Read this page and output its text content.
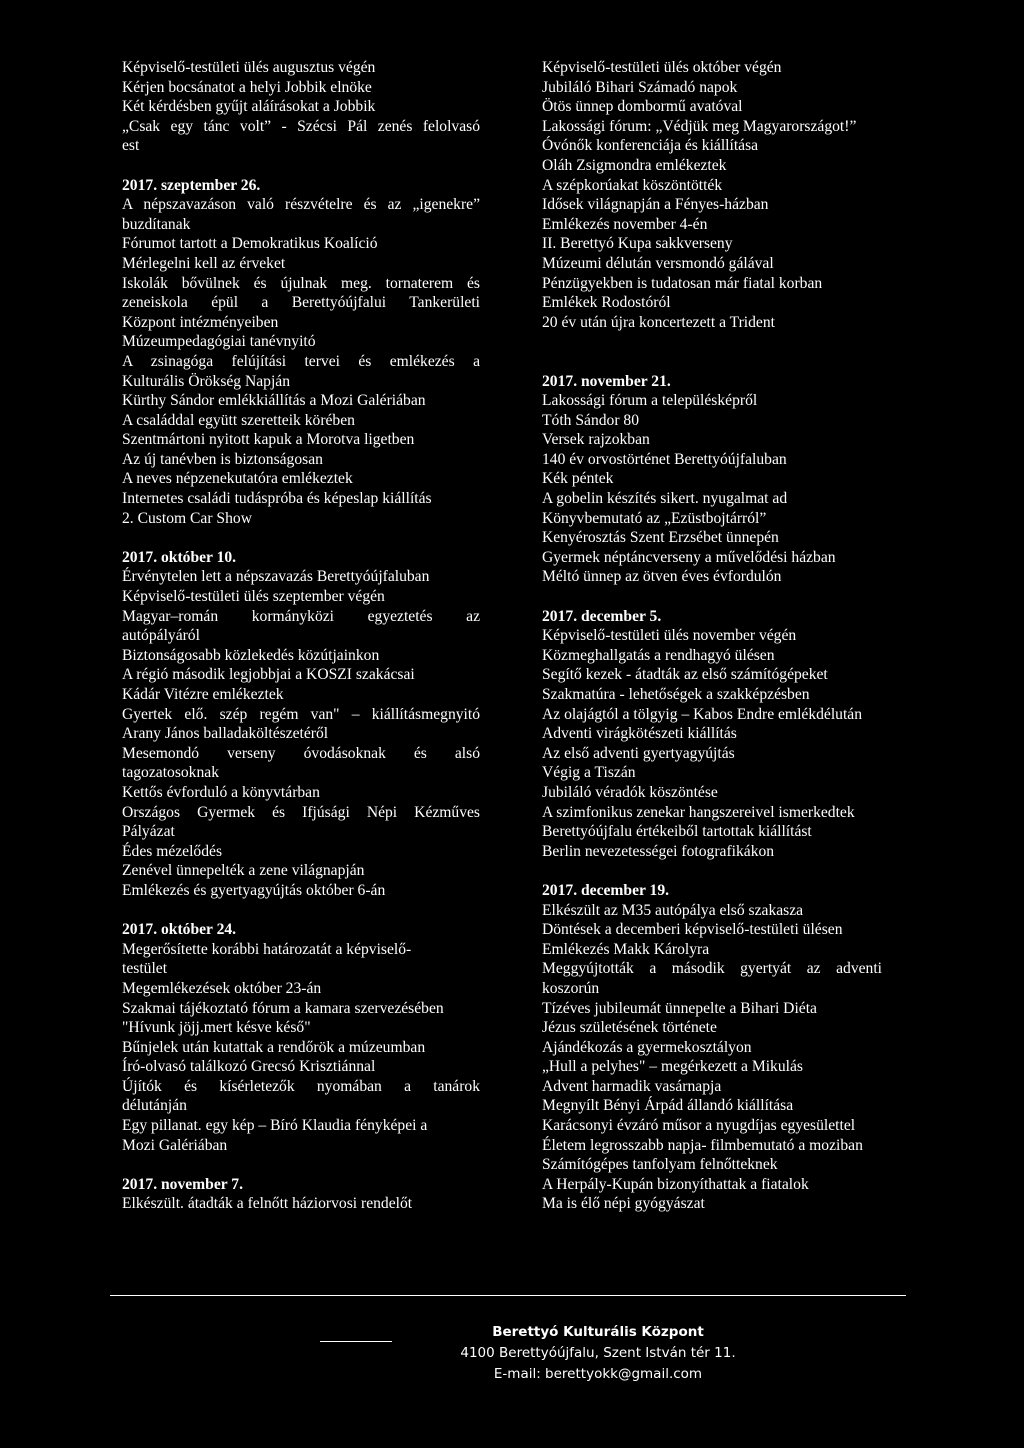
Képviselő-testületi ülés augusztus végén

Kérjen bocsánatot a helyi Jobbik elnöke

Két kérdésben gyűjt aláírásokat a Jobbik

„Csak egy tánc volt” - Szécsi Pál zenés felolvasó

est

2017. szeptember 26.

A népszavazáson való részvételre és az „igenekre”

buzdítanak

Fórumot tartott a Demokratikus Koalíció

Mérlegelni kell az érveket

Iskolák bővülnek és újulnak meg. tornaterem és

zeneiskola épül a Berettyóújfalui Tankerületi

Központ intézményeiben

Múzeumpedagógiai tanévnyitó

A zsinagóga felújítási tervei és emlékezés a

Kulturális Örökség Napján

Kürthy Sándor emlékkiállítás a Mozi Galériában

A családdal együtt szeretteik körében

Szentmártoni nyitott kapuk a Morotva ligetben

Az új tanévben is biztonságosan

A neves népzenekutatóra emlékeztek

Internetes családi tudáspróba és képeslap kiállítás

2. Custom Car Show

2017. október 10.

Érvénytelen lett a népszavazás Berettyóújfaluban

Képviselő-testületi ülés szeptember végén

Magyar–román kormányközi egyeztetés az

autópályáról

Biztonságosabb közlekedés közútjainkon

A régió második legjobbjai a KOSZI szakácsai

Kádár Vitézre emlékeztek

Gyertek elő. szép regém van" – kiállításmegnyitó

Arany János balladaköltészetéről

Mesemondó verseny óvodásoknak és alsó

tagozatosoknak

Kettős évforduló a könyvtárban

Országos Gyermek és Ifjúsági Népi Kézműves

Pályázat

Édes mézelődés

Zenével ünnepelték a zene világnapján

Emlékezés és gyertyagyújtás október 6-án

2017. október 24.

Megerősítette korábbi határozatát a képviselő-

testület

Megemlékezések október 23-án

Szakmai tájékoztató fórum a kamara szervezésében

"Hívunk jöjj.mert késve késő"

Bűnjelek után kutattak a rendőrök a múzeumban

Író-olvasó találkozó Grecsó Krisztiánnal

Újítók és kísérletezők nyomában a tanárok

délutánján

Egy pillanat. egy kép – Bíró Klaudia fényképei a

Mozi Galériában

2017. november 7.

Elkészült. átadták a felnőtt háziorvosi rendelőt

Képviselő-testületi ülés október végén

Jubiláló Bihari Számadó napok

Ötös ünnep dombormű avatóval

Lakossági fórum: „Védjük meg Magyarországot!”

Óvónők konferenciája és kiállítása

Oláh Zsigmondra emlékeztek

A szépkorúakat köszöntötték

Idősek világnapján a Fényes-házban

Emlékezés november 4-én

II. Berettyó Kupa sakkverseny

Múzeumi délután versmondó gálával

Pénzügyekben is tudatosan már fiatal korban

Emlékek Rodostóról

20 év után újra koncertezett a Trident

2017. november 21.

Lakossági fórum a településképről

Tóth Sándor 80

Versek rajzokban

140 év orvostörténet Berettyóújfaluban

Kék péntek

A gobelin készítés sikert. nyugalmat ad

Könyvbemutató az „Ezüstbojtárról”

Kenyérosztás Szent Erzsébet ünnepén

Gyermek néptáncverseny a művelődési házban

Méltó ünnep az ötven éves évfordulón

2017. december 5.

Képviselő-testületi ülés november végén

Közmeghallgatás a rendhagyó ülésen

Segítő kezek - átadták az első számítógépeket

Szakmatúra - lehetőségek a szakképzésben

Az olajágtól a tölgyig – Kabos Endre emlékdélután

Adventi virágkötészeti kiállítás

Az első adventi gyertyagyújtás

Végig a Tiszán

Jubiláló véradók köszöntése

A szimfonikus zenekar hangszereivel ismerkedtek

Berettyóújfalu értékeiből tartottak kiállítást

Berlin nevezetességei fotografikákon

2017. december 19.

Elkészült az M35 autópálya első szakasza

Döntések a decemberi képviselő-testületi ülésen

Emlékezés Makk Károlyra

Meggyújtották a második gyertyát az adventi

koszorún

Tízéves jubileumát ünnepelte a Bihari Diéta

Jézus születésének története

Ajándékozás a gyermekosztályon

„Hull a pelyhes" – megérkezett a Mikulás

Advent harmadik vasárnapja

Megnyílt Bényi Árpád állandó kiállítása

Karácsonyi évzáró műsor a nyugdíjas egyesülettel

Életem legrosszabb napja- filmbemutató a moziban

Számítógépes tanfolyam felnőtteknek

A Herpály-Kupán bizonyíthattak a fiatalok

Ma is élő népi gyógyászat

Berettyó Kulturális Központ
4100 Berettyóújfalu, Szent István tér 11.
E-mail: berettyokk@gmail.com
